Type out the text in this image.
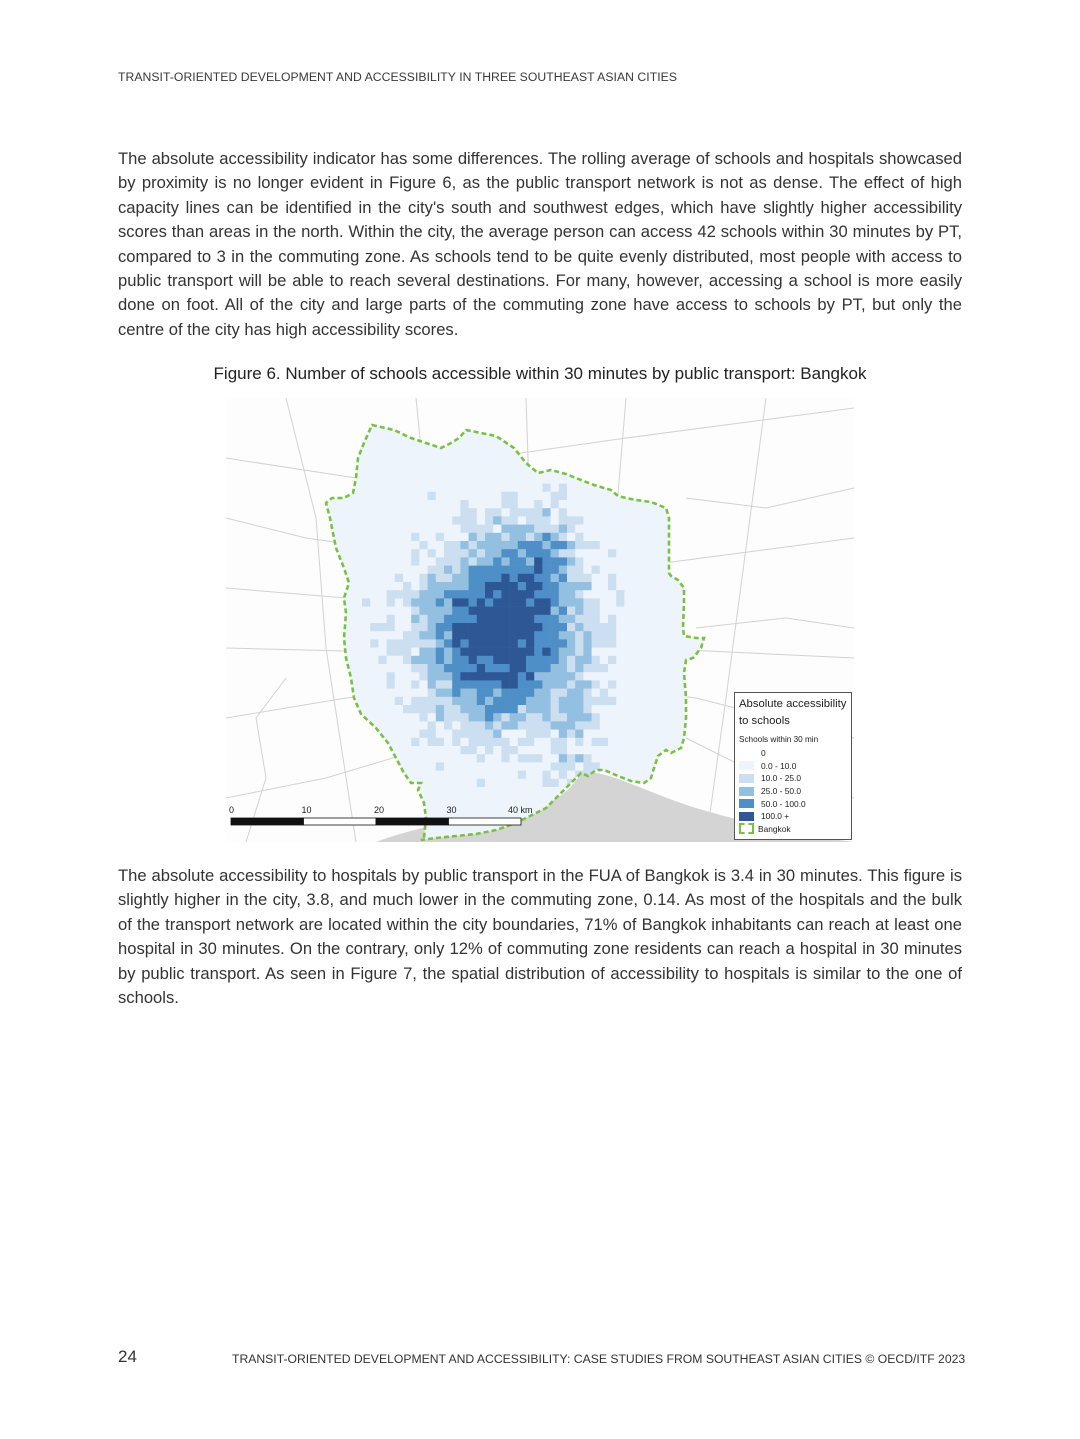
TRANSIT-ORIENTED DEVELOPMENT AND ACCESSIBILITY IN THREE SOUTHEAST ASIAN CITIES

The absolute accessibility indicator has some differences. The rolling average of schools and hospitals showcased by proximity is no longer evident in Figure 6, as the public transport network is not as dense. The effect of high capacity lines can be identified in the city's south and southwest edges, which have slightly higher accessibility scores than areas in the north. Within the city, the average person can access 42 schools within 30 minutes by PT, compared to 3 in the commuting zone. As schools tend to be quite evenly distributed, most people with access to public transport will be able to reach several destinations. For many, however, accessing a school is more easily done on foot. All of the city and large parts of the commuting zone have access to schools by PT, but only the centre of the city has high accessibility scores.

Figure 6. Number of schools accessible within 30 minutes by public transport: Bangkok
0	10	20	30	40 km
Absolute accessibility to schools
Schools within 30 min
0
0.0 - 10.0
10.0 - 25.0
25.0 - 50.0
50.0 - 100.0
100.0 +
Bangkok

The absolute accessibility to hospitals by public transport in the FUA of Bangkok is 3.4 in 30 minutes. This figure is slightly higher in the city, 3.8, and much lower in the commuting zone, 0.14. As most of the hospitals and the bulk of the transport network are located within the city boundaries, 71% of Bangkok inhabitants can reach at least one hospital in 30 minutes. On the contrary, only 12% of commuting zone residents can reach a hospital in 30 minutes by public transport. As seen in Figure 7, the spatial distribution of accessibility to hospitals is similar to the one of schools.

24	TRANSIT-ORIENTED DEVELOPMENT AND ACCESSIBILITY: CASE STUDIES FROM SOUTHEAST ASIAN CITIES © OECD/ITF 2023
